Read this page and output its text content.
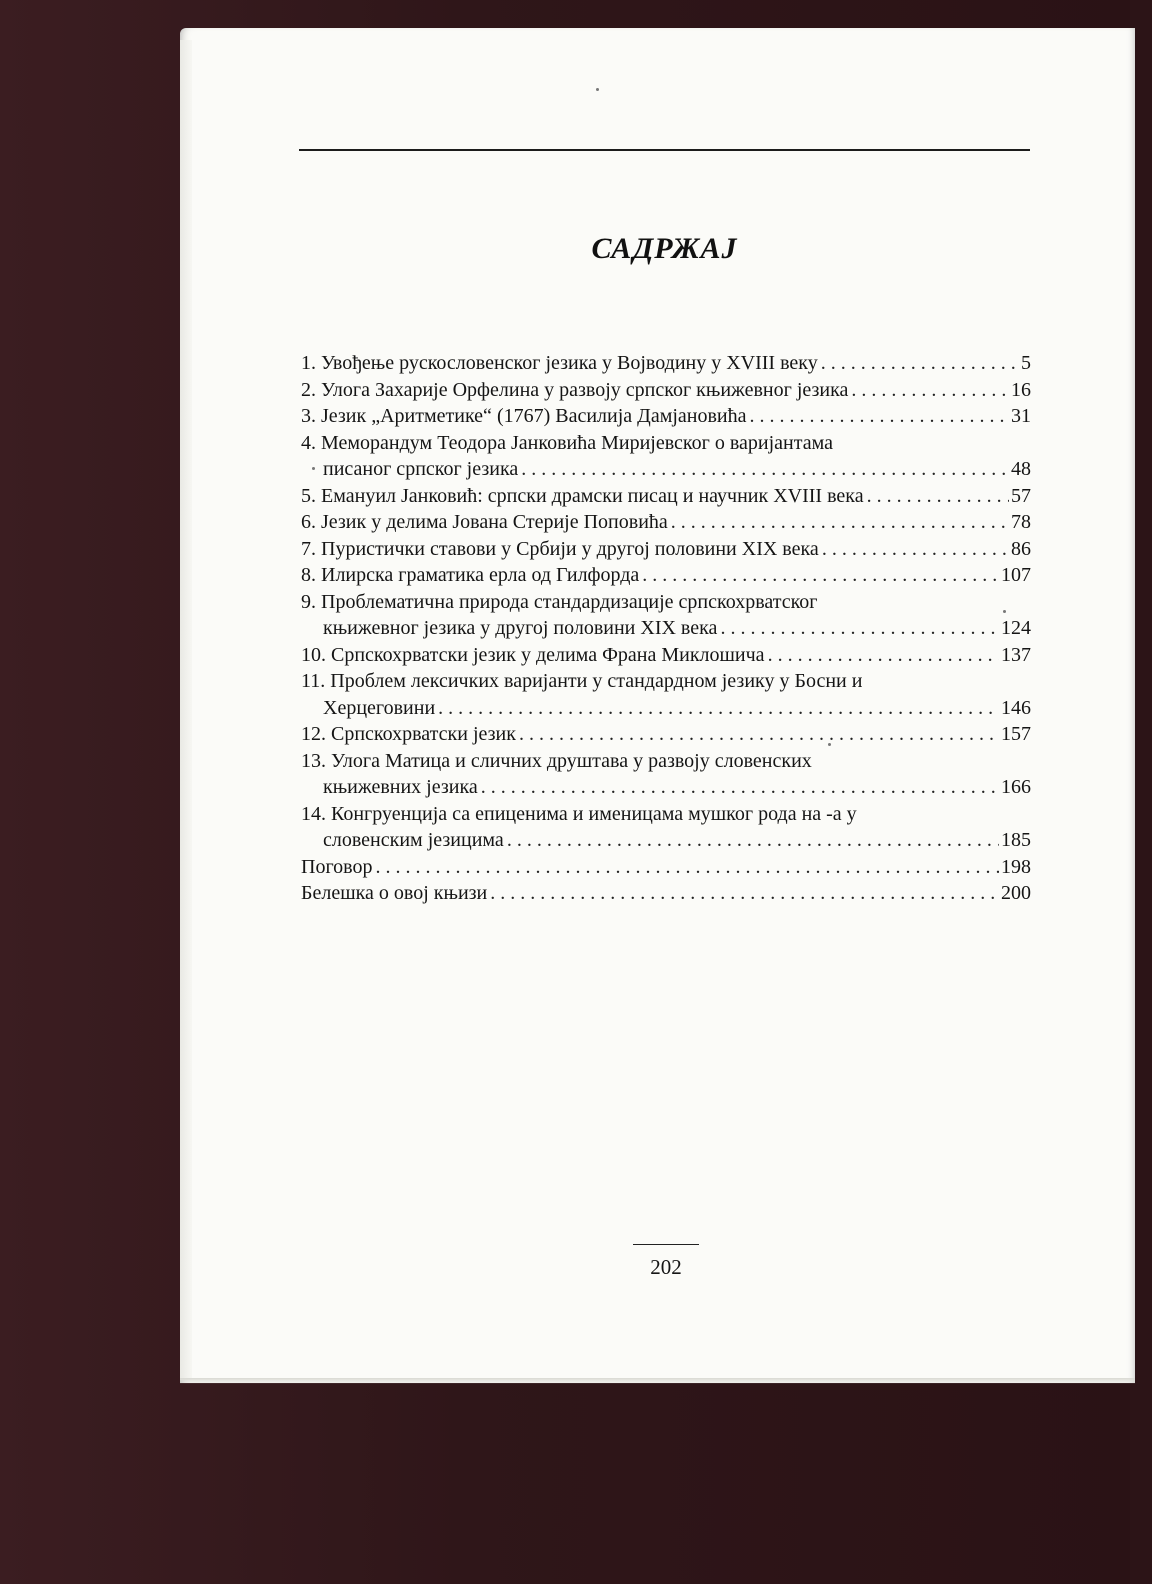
САДРЖАЈ
1. Увођење рускословенског језика у Војводину у XVIII веку . . .	5
2. Улога Захарије Орфелина у развоју српског књижевног језика . . .	16
3. Језик „Аритметике“ (1767) Василија Дамјановића . . .	31
4. Меморандум Теодора Јанковића Миријевског о варијантама
писаног српског језика . . .	48
5. Емануил Јанковић: српски драмски писац и научник XVIII века . . .	57
6. Језик у делима Јована Стерије Поповића . . .	78
7. Пуристички ставови у Србији у другој половини XIX века . . .	86
8. Илирска граматика ерла од Гилфорда . . .	107
9. Проблематична природа стандардизације српскохрватског
књижевног језика у другој половини XIX века . . .	124
10. Српскохрватски језик у делима Франа Миклошича . . .	137
11. Проблем лексичких варијанти у стандардном језику у Босни и
Херцеговини . . .	146
12. Српскохрватски језик . . .	157
13. Улога Матица и сличних друштава у развоју словенских
књижевних језика . . .	166
14. Конгруенција са епиценима и именицама мушког рода на -а у
словенским језицима . . .	185
Поговор . . .	198
Белешка о овој књизи . . .	200
202
